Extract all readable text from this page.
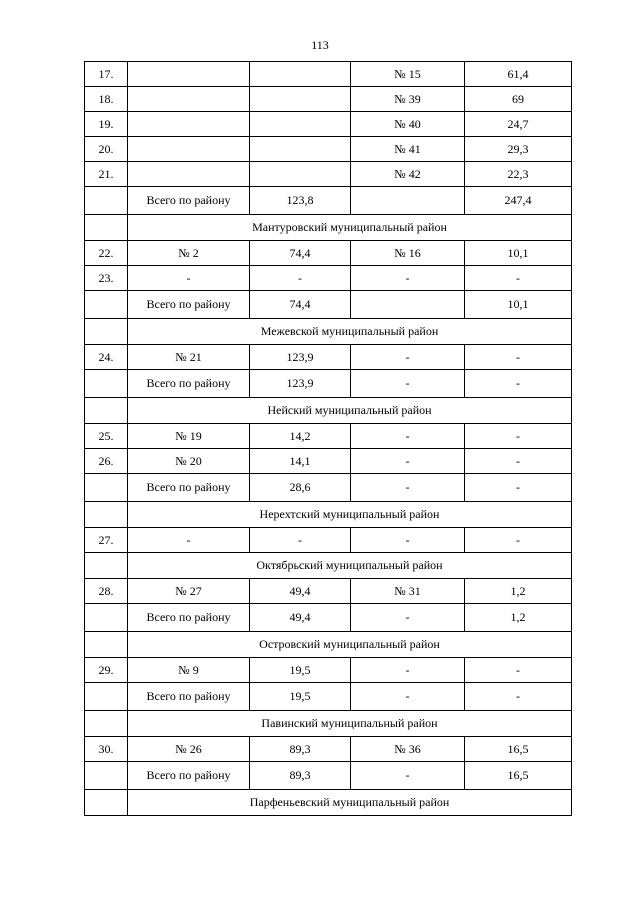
113
17.			№ 15	61,4
18.			№ 39	69
19.			№ 40	24,7
20.			№ 41	29,3
21.			№ 42	22,3
	Всего по району	123,8		247,4
	Мантуровский муниципальный район			
22.	№ 2	74,4	№ 16	10,1
23.	-	-	-	-
	Всего по району	74,4		10,1
	Межевской муниципальный район			
24.	№ 21	123,9	-	-
	Всего по району	123,9	-	-
	Нейский муниципальный район			
25.	№ 19	14,2	-	-
26.	№ 20	14,1	-	-
	Всего по району	28,6	-	-
	Нерехтский муниципальный район			
27.	-	-	-	-
	Октябрьский муниципальный район			
28.	№ 27	49,4	№ 31	1,2
	Всего по району	49,4	-	1,2
	Островский муниципальный район			
29.	№ 9	19,5	-	-
	Всего по району	19,5	-	-
	Павинский муниципальный район			
30.	№ 26	89,3	№ 36	16,5
	Всего по району	89,3	-	16,5
	Парфеньевский муниципальный район			
